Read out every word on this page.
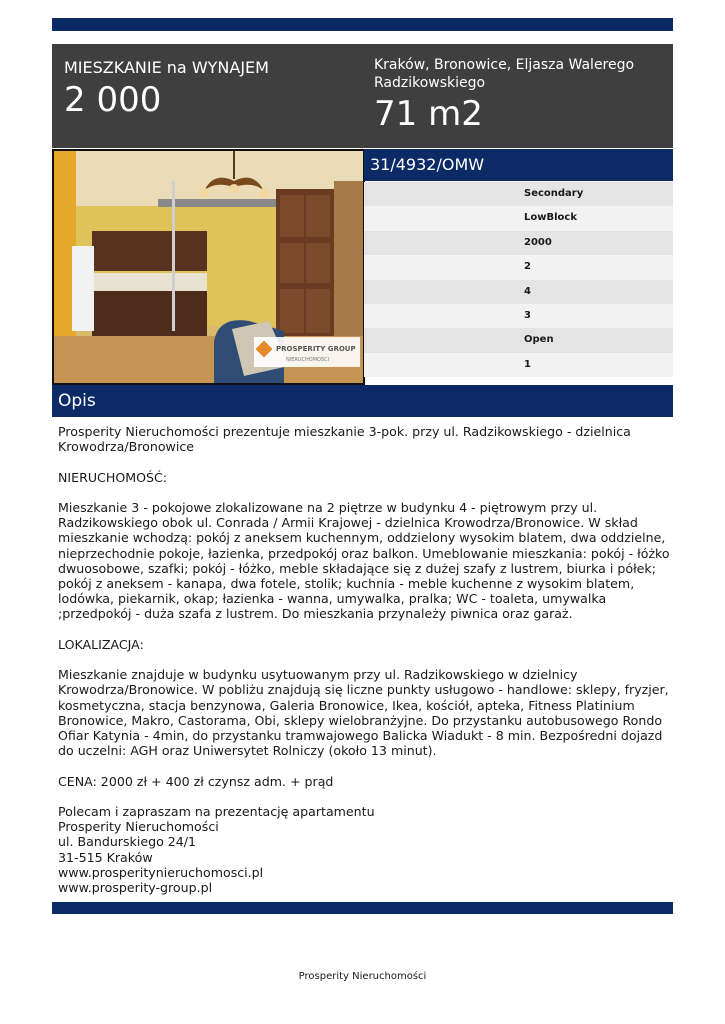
MIESZKANIE na WYNAJEM
2 000
Kraków, Bronowice, Eljasza Walerego Radzikowskiego
71 m2
PROSPERITY GROUP
NIERUCHOMOŚCI
31/4932/OMW
Secondary
LowBlock
2000
2
4
3
Open
1
Opis

Prosperity Nieruchomości prezentuje mieszkanie 3-pok. przy ul. Radzikowskiego - dzielnica Krowodrza/Bronowice

NIERUCHOMOŚĆ:

Mieszkanie 3 - pokojowe zlokalizowane na 2 piętrze w budynku 4 - piętrowym przy ul. Radzikowskiego obok ul. Conrada / Armii Krajowej - dzielnica Krowodrza/Bronowice. W skład mieszkanie wchodzą: pokój z aneksem kuchennym, oddzielony wysokim blatem, dwa oddzielne, nieprzechodnie pokoje, łazienka, przedpokój oraz balkon. Umeblowanie mieszkania: pokój - łóżko dwuosobowe, szafki; pokój - łóżko, meble składające się z dużej szafy z lustrem, biurka i półek; pokój z aneksem - kanapa, dwa fotele, stolik; kuchnia - meble kuchenne z wysokim blatem, lodówka, piekarnik, okap; łazienka - wanna, umywalka, pralka; WC - toaleta, umywalka ;przedpokój - duża szafa z lustrem. Do mieszkania przynależy piwnica oraz garaż.

LOKALIZACJA:

Mieszkanie znajduje w budynku usytuowanym przy ul. Radzikowskiego w dzielnicy Krowodrza/Bronowice. W pobliżu znajdują się liczne punkty usługowo - handlowe: sklepy, fryzjer, kosmetyczna, stacja benzynowa, Galeria Bronowice, Ikea, kościół, apteka, Fitness Platinium Bronowice, Makro, Castorama, Obi, sklepy wielobranżyjne. Do przystanku autobusowego Rondo Ofiar Katynia - 4min, do przystanku tramwajowego Balicka Wiadukt - 8 min. Bezpośredni dojazd do uczelni: AGH oraz Uniwersytet Rolniczy (około 13 minut).

CENA: 2000 zł + 400 zł czynsz adm. + prąd

Polecam i zapraszam na prezentację apartamentu

Prosperity Nieruchomości

ul. Bandurskiego 24/1

31-515 Kraków

www.prosperitynieruchomosci.pl

www.prosperity-group.pl

Prosperity Nieruchomości
